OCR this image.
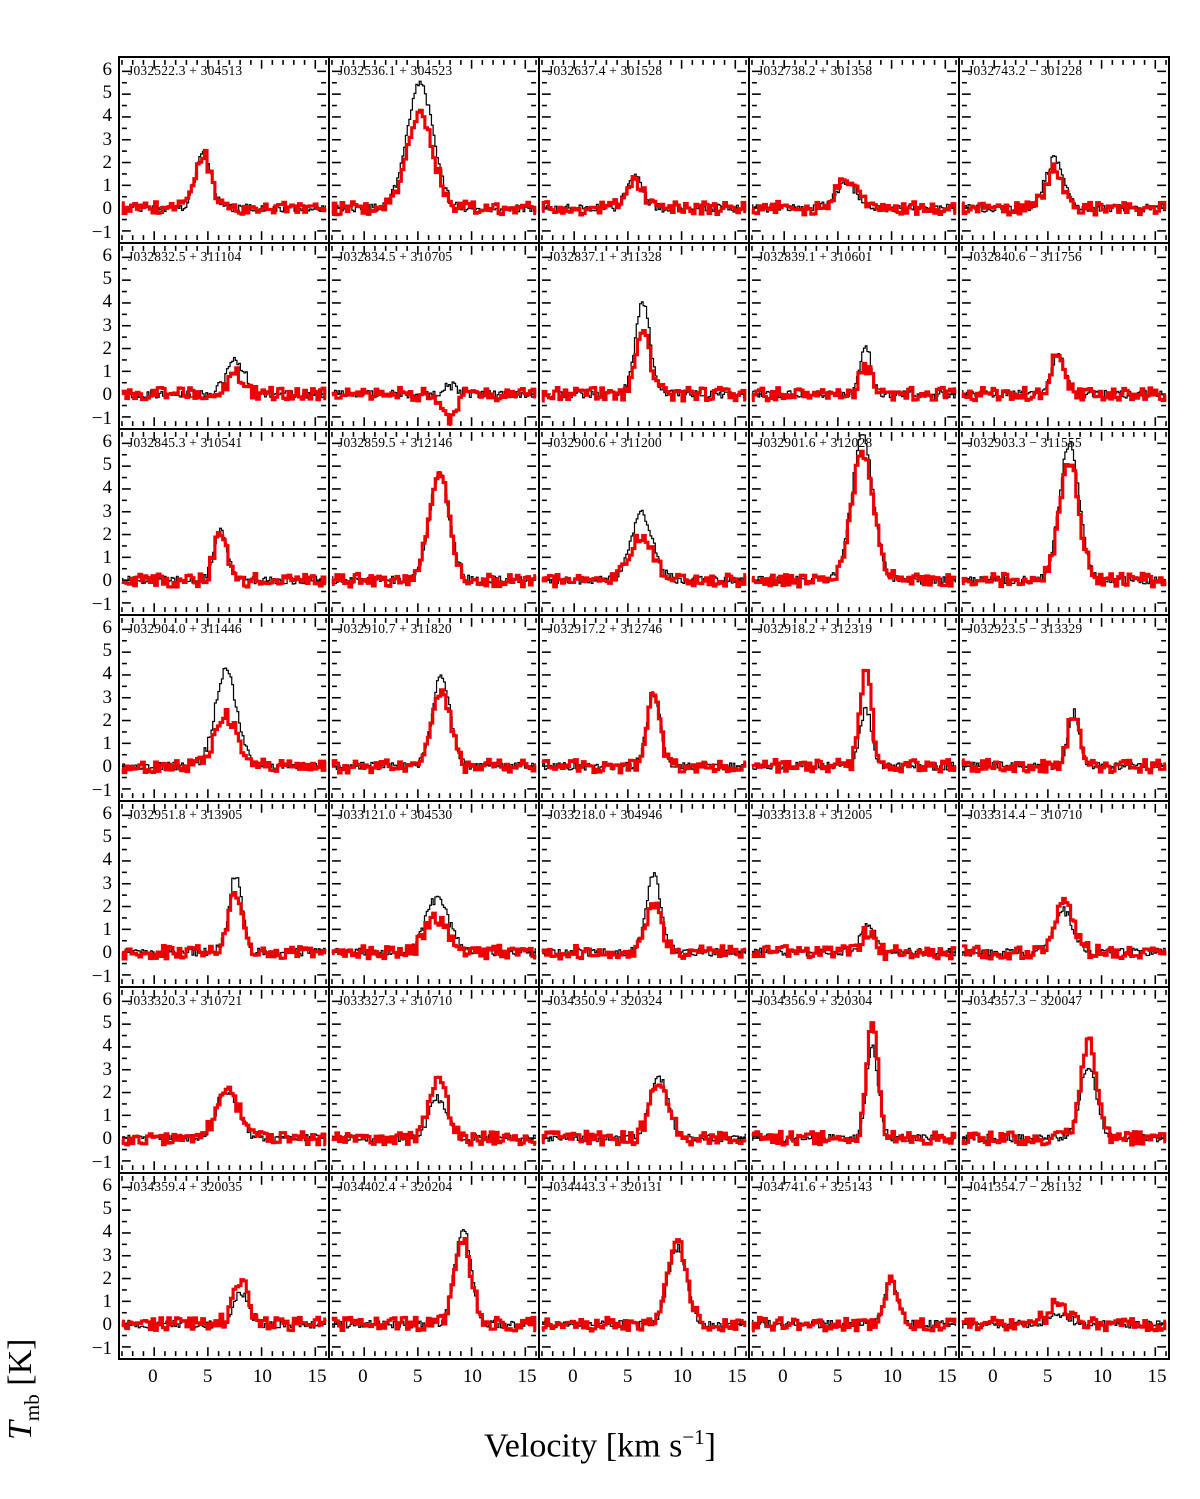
$T_{mb}$ [K]
Velocity [km $s^{-1}$]
J032522.3 + 304513	J032536.1 + 304523	J032637.4 + 301528	J032738.2 + 301358	J032743.2 − 301228
J032832.5 + 311104	J032834.5 + 310705	J032837.1 + 311328	J032839.1 + 310601	J032840.6 − 311756
J032845.3 + 310541	J032859.5 + 312146	J032900.6 + 311200	J032901.6 + 312028	J032903.3 − 311555
J032904.0 + 311446	J032910.7 + 311820	J032917.2 + 312746	J032918.2 + 312319	J032923.5 − 313329
J032951.8 + 313905	J033121.0 + 304530	J033218.0 + 304946	J033313.8 + 312005	J033314.4 − 310710
J033320.3 + 310721	J033327.3 + 310710	J034350.9 + 320324	J034356.9 + 320304	J034357.3 − 320047
J034359.4 + 320035	J034402.4 + 320204	J034443.3 + 320131	J034741.6 + 325143	J041354.7 − 281132
6
5
4
3
2
1
0
−1
6
5
4
3
2
1
0
−1
6
5
4
3
2
1
0
−1
6
5
4
3
2
1
0
−1
6
5
4
3
2
1
0
−1
6
5
4
3
2
1
0
−1
6
5
4
3
2
1
0
−1
0 5 10 15 0 5 10 15 0 5 10 15 0 5 10 15 0 5 10 15
